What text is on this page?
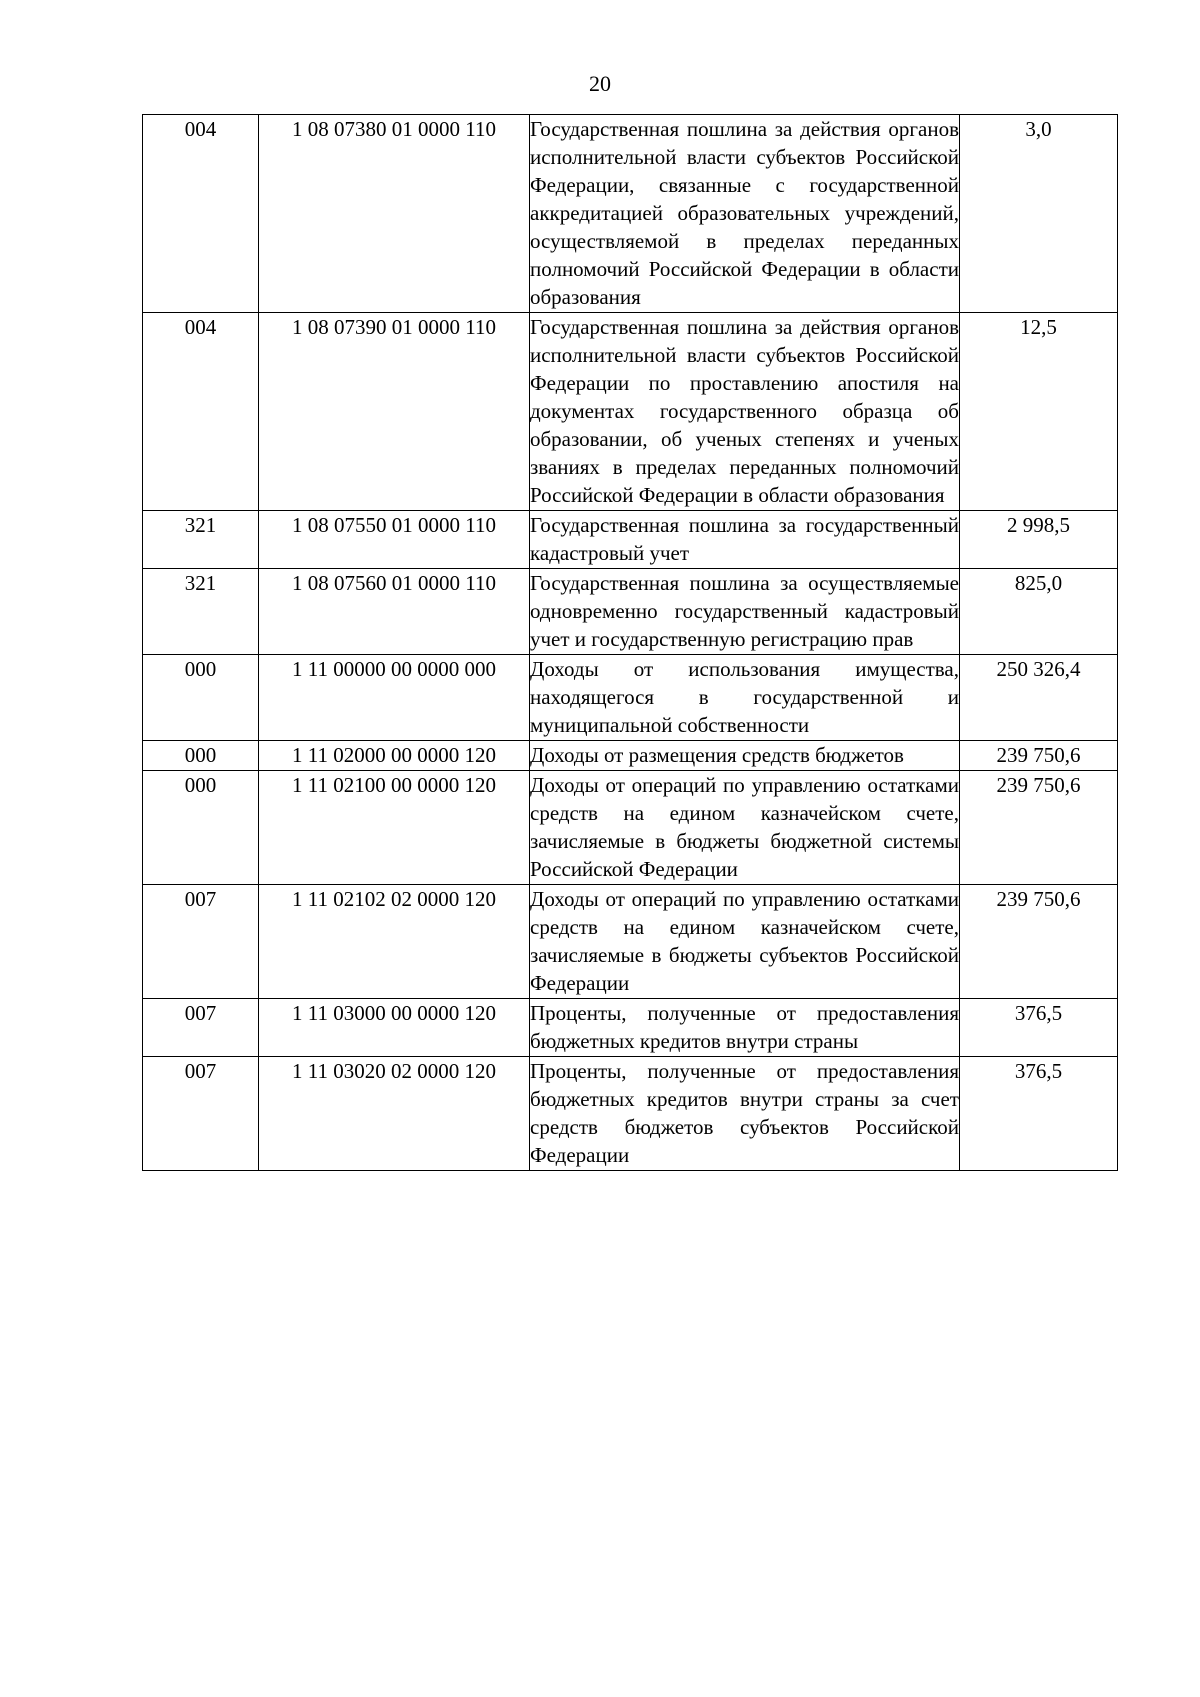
20
004	1 08 07380 01 0000 110	Государственная пошлина за действия органов исполнительной власти субъектов Российской Федерации, связанные с государственной аккредитацией образовательных учреждений, осуществляемой в пределах переданных полномочий Российской Федерации в области образования	3,0
004	1 08 07390 01 0000 110	Государственная пошлина за действия органов исполнительной власти субъектов Российской Федерации по проставлению апостиля на документах государственного образца об образовании, об ученых степенях и ученых званиях в пределах переданных полномочий Российской Федерации в области образования	12,5
321	1 08 07550 01 0000 110	Государственная пошлина за государственный кадастровый учет	2 998,5
321	1 08 07560 01 0000 110	Государственная пошлина за осуществляемые одновременно государственный кадастровый учет и государственную регистрацию прав	825,0
000	1 11 00000 00 0000 000	Доходы от использования имущества, находящегося в государственной и муниципальной собственности	250 326,4
000	1 11 02000 00 0000 120	Доходы от размещения средств бюджетов	239 750,6
000	1 11 02100 00 0000 120	Доходы от операций по управлению остатками средств на едином казначейском счете, зачисляемые в бюджеты бюджетной системы Российской Федерации	239 750,6
007	1 11 02102 02 0000 120	Доходы от операций по управлению остатками средств на едином казначейском счете, зачисляемые в бюджеты субъектов Российской Федерации	239 750,6
007	1 11 03000 00 0000 120	Проценты, полученные от предоставления бюджетных кредитов внутри страны	376,5
007	1 11 03020 02 0000 120	Проценты, полученные от предоставления бюджетных кредитов внутри страны за счет средств бюджетов субъектов Российской Федерации	376,5
